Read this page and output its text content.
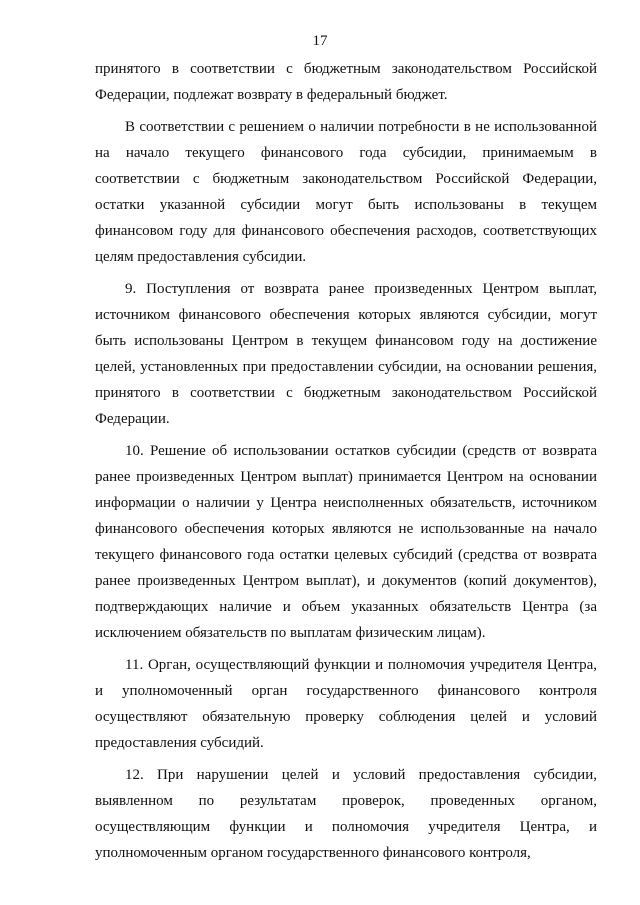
17

принятого в соответствии с бюджетным законодательством Российской Федерации, подлежат возврату в федеральный бюджет.

В соответствии с решением о наличии потребности в не использованной на начало текущего финансового года субсидии, принимаемым в соответствии с бюджетным законодательством Российской Федерации, остатки указанной субсидии могут быть использованы в текущем финансовом году для финансового обеспечения расходов, соответствующих целям предоставления субсидии.

9. Поступления от возврата ранее произведенных Центром выплат, источником финансового обеспечения которых являются субсидии, могут быть использованы Центром в текущем финансовом году на достижение целей, установленных при предоставлении субсидии, на основании решения, принятого в соответствии с бюджетным законодательством Российской Федерации.

10. Решение об использовании остатков субсидии (средств от возврата ранее произведенных Центром выплат) принимается Центром на основании информации о наличии у Центра неисполненных обязательств, источником финансового обеспечения которых являются не использованные на начало текущего финансового года остатки целевых субсидий (средства от возврата ранее произведенных Центром выплат), и документов (копий документов), подтверждающих наличие и объем указанных обязательств Центра (за исключением обязательств по выплатам физическим лицам).

11. Орган, осуществляющий функции и полномочия учредителя Центра, и уполномоченный орган государственного финансового контроля осуществляют обязательную проверку соблюдения целей и условий предоставления субсидий.

12. При нарушении целей и условий предоставления субсидии, выявленном по результатам проверок, проведенных органом, осуществляющим функции и полномочия учредителя Центра, и уполномоченным органом государственного финансового контроля,
